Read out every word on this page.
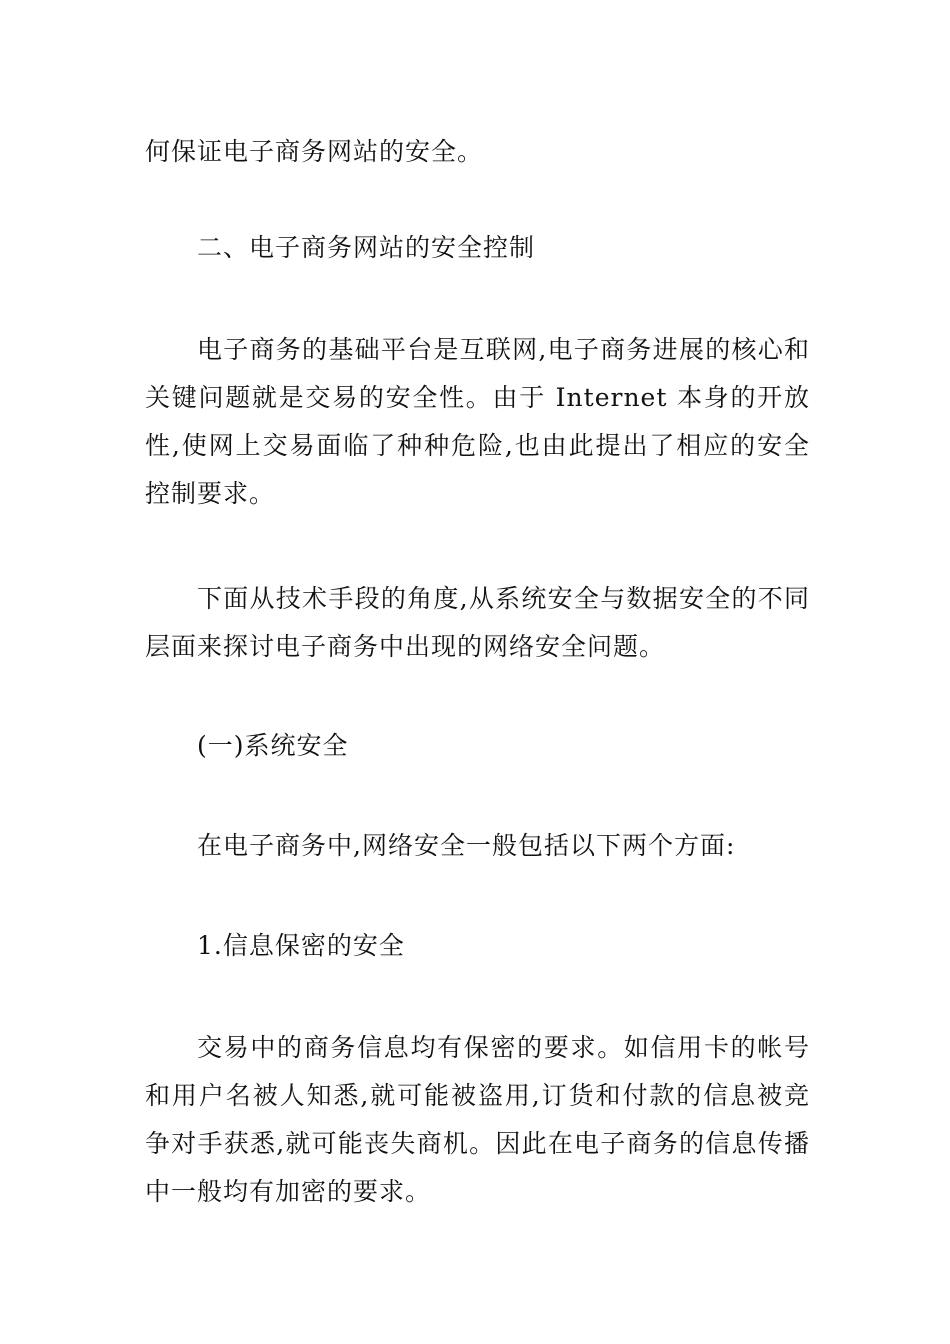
何保证电子商务网站的安全。

二、电子商务网站的安全控制

电子商务的基础平台是互联网,电子商务进展的核心和关键问题就是交易的安全性。由于 Internet 本身的开放性,使网上交易面临了种种危险,也由此提出了相应的安全控制要求。

下面从技术手段的角度,从系统安全与数据安全的不同层面来探讨电子商务中出现的网络安全问题。

(一)系统安全

在电子商务中,网络安全一般包括以下两个方面:

1.信息保密的安全

交易中的商务信息均有保密的要求。如信用卡的帐号和用户名被人知悉,就可能被盗用,订货和付款的信息被竞争对手获悉,就可能丧失商机。因此在电子商务的信息传播中一般均有加密的要求。
